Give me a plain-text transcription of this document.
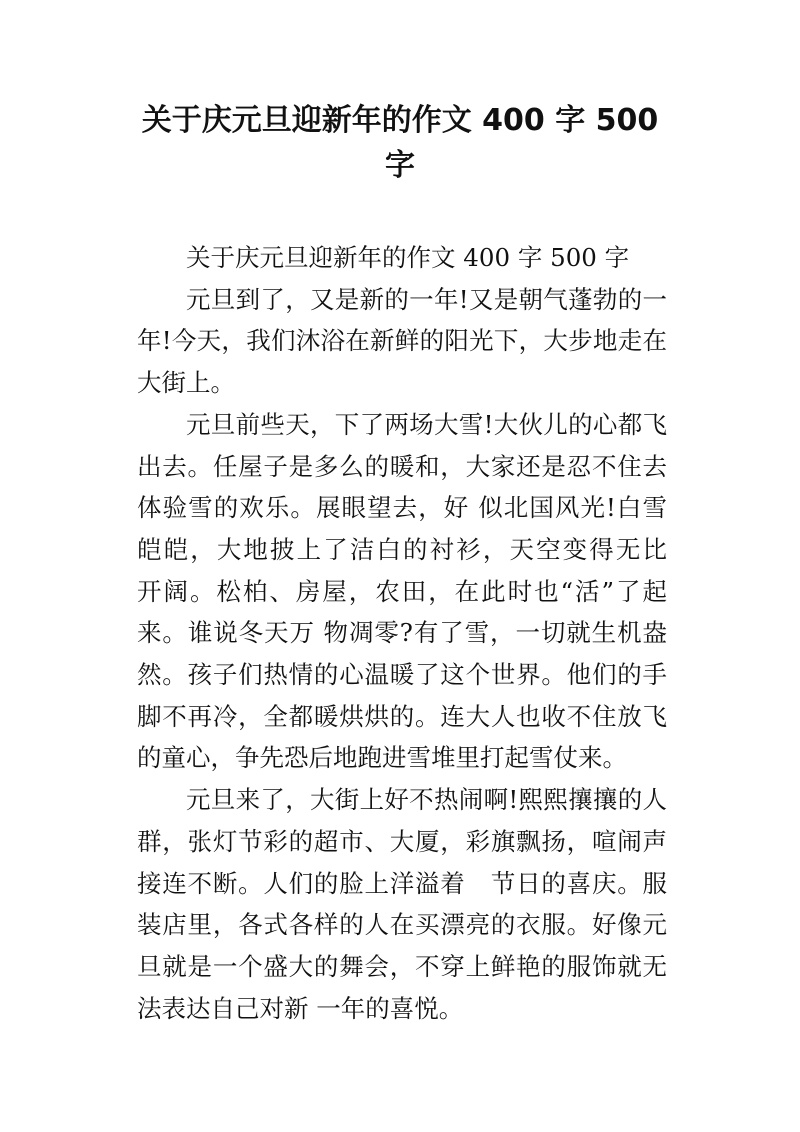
关于庆元旦迎新年的作文 400 字 500 字

关于庆元旦迎新年的作文 400 字 500 字

元旦到了，又是新的一年!又是朝气蓬勃的一年!今天，我们沐浴在新鲜的阳光下，大步地走在大街上。

元旦前些天，下了两场大雪!大伙儿的心都飞出去。任屋子是多么的暖和，大家还是忍不住去体验雪的欢乐。展眼望去，好 似北国风光!白雪皑皑，大地披上了洁白的衬衫，天空变得无比　开阔。松柏、房屋，农田，在此时也“活”了起来。谁说冬天万 物凋零?有了雪，一切就生机盎然。孩子们热情的心温暖了这个世界。他们的手脚不再冷，全都暖烘烘的。连大人也收不住放飞的童心，争先恐后地跑进雪堆里打起雪仗来。

元旦来了，大街上好不热闹啊!熙熙攘攘的人群，张灯节彩的超市、大厦，彩旗飘扬，喧闹声接连不断。人们的脸上洋溢着　节日的喜庆。服装店里，各式各样的人在买漂亮的衣服。好像元　旦就是一个盛大的舞会，不穿上鲜艳的服饰就无法表达自己对新 一年的喜悦。
